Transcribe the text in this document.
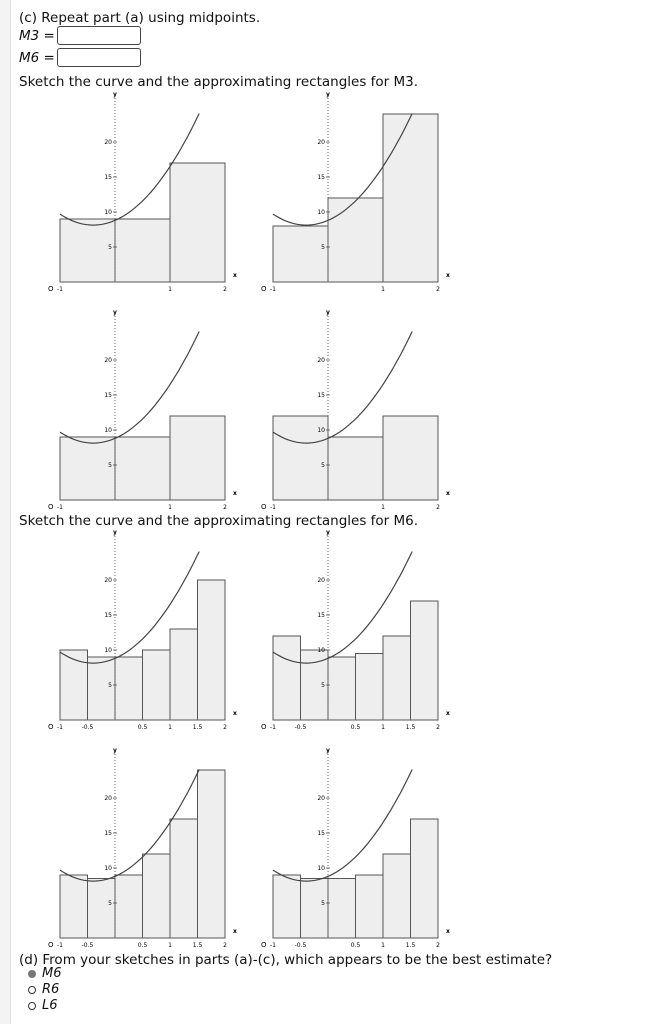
(c) Repeat part (a) using midpoints.
M3 =
M6 =
Sketch the curve and the approximating rectangles for M3.
y
5
10
15
20
-1	1	2
O
x
y
5
10
15
20
-1	1	2
O
x
y
5
10
15
20
-1	1	2
O
x
y
5
10
15
20
-1	1	2
O
x
Sketch the curve and the approximating rectangles for M6.
y
5
10
15
20
-1	-0.5	0.5	1	1.5	2
O
x
y
5
10
15
20
-1	-0.5	0.5	1	1.5	2
O
x
y
5
10
15
20
-1	-0.5	0.5	1	1.5	2
O
x
y
5
10
15
20
-1	-0.5	0.5	1	1.5	2
O
x
(d) From your sketches in parts (a)-(c), which appears to be the best estimate?
M6
R6
L6
